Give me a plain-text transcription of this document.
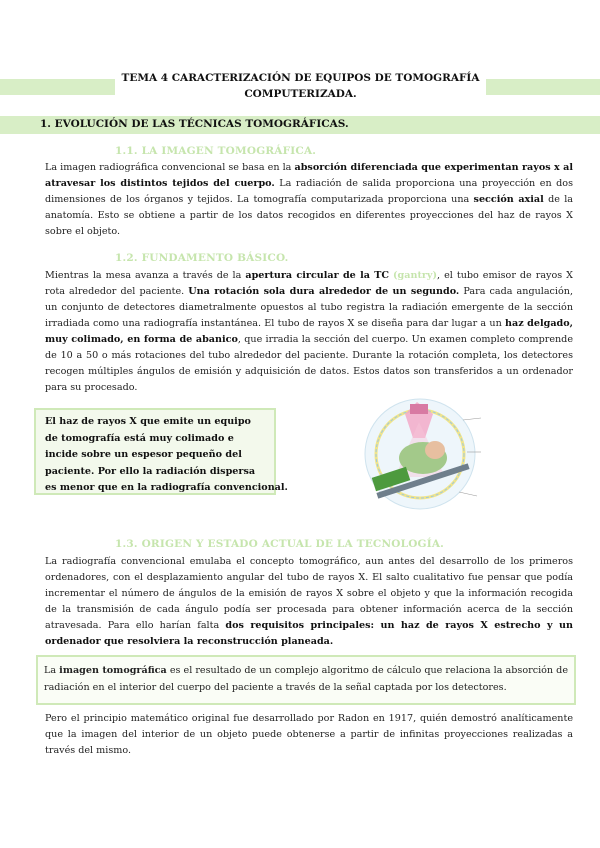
TEMA 4 CARACTERIZACIÓN DE EQUIPOS DE TOMOGRAFÍA
COMPUTERIZADA.
1. EVOLUCIÓN DE LAS TÉCNICAS TOMOGRÁFICAS.
1.1. LA IMAGEN TOMOGRÁFICA.

La imagen radiográfica convencional se basa en la absorción diferenciada que experimentan rayos x al atravesar los distintos tejidos del cuerpo. La radiación de salida proporciona una proyección en dos dimensiones de los órganos y tejidos. La tomografía computarizada proporciona una sección axial de la anatomía. Esto se obtiene a partir de los datos recogidos en diferentes proyecciones del haz de rayos X sobre el objeto.

1.2. FUNDAMENTO BÁSICO.

Mientras la mesa avanza a través de la apertura circular de la TC (gantry), el tubo emisor de rayos X rota alrededor del paciente. Una rotación sola dura alrededor de un segundo. Para cada angulación, un conjunto de detectores diametralmente opuestos al tubo registra la radiación emergente de la sección irradiada como una radiografía instantánea. El tubo de rayos X se diseña para dar lugar a un haz delgado, muy colimado, en forma de abanico, que irradia la sección del cuerpo. Un examen completo comprende de 10 a 50 o más rotaciones del tubo alrededor del paciente. Durante la rotación completa, los detectores recogen múltiples ángulos de emisión y adquisición de datos. Estos datos son transferidos a un ordenador para su procesado.

El haz de rayos X que emite un equipo
de tomografía está muy colimado e
incide sobre un espesor pequeño del
paciente. Por ello la radiación dispersa
es menor que en la radiografía convencional.
1.3. ORIGEN Y ESTADO ACTUAL DE LA TECNOLOGÍA.

La radiografía convencional emulaba el concepto tomográfico, aun antes del desarrollo de los primeros ordenadores, con el desplazamiento angular del tubo de rayos X. El salto cualitativo fue pensar que podía incrementar el número de ángulos de la emisión de rayos X sobre el objeto y que la información recogida de la transmisión de cada ángulo podía ser procesada para obtener información acerca de la sección atravesada. Para ello harían falta dos requisitos principales: un haz de rayos X estrecho y un ordenador que resolviera la reconstrucción planeada.

La imagen tomográfica es el resultado de un complejo algoritmo de cálculo que relaciona la absorción de radiación en el interior del cuerpo del paciente a través de la señal captada por los detectores.

Pero el principio matemático original fue desarrollado por Radon en 1917, quién demostró analíticamente que la imagen del interior de un objeto puede obtenerse a partir de infinitas proyecciones realizadas a través del mismo.
